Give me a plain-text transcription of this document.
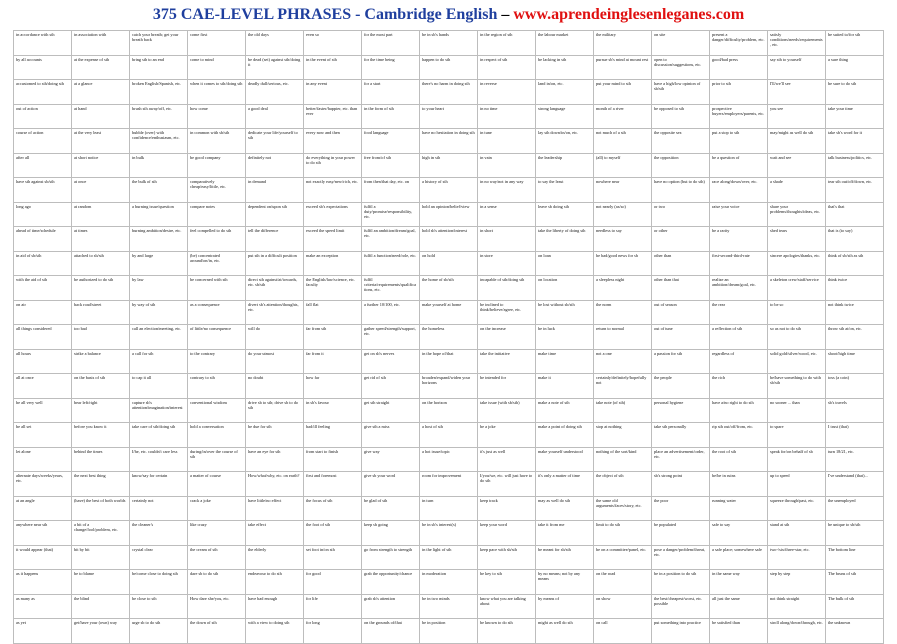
375 CAE-LEVEL PHRASES - Cambridge English – www.aprendeinglesenleganes.com
in accordance with sth	in association with	catch your breath; get your breath back	come first	the old days	even so	for the most part	be in sb's hands	in the region of sth	the labour market	the military	on site	present a danger/difficulty/problem, etc.	satisfy conditions/needs/requirements, etc.	be suited to/for sth
by all accounts	at the expense of sth	bring sth to an end	come to mind	be dead (set) against sth/doing it	in the event of sth	for the time being	happen to do sth	in respect of sth	be lacking in sth	pursue sb's mind at mount rest	open to discussion/suggestions, etc.	good/bad press	say sth to yourself	a sure thing
accustomed to sth/doing sth	at a glance	broken English/Spanish, etc.	when it comes to sth/doing sth	deadly dull/serious, etc.	in any event	for a start	there's no harm in doing sth	in reverse	land in/on, etc.	put your mind to sth	have a high/low opinion of sb/sth	prior to sth	I'll/we'll see	be sure to do sth
out of action	at hand	brush sth away/off, etc.	how come	a good deal	better/faster/happier, etc. than ever	in the form of sth	to your heart	in no time	strong language	month of a river	be opposed to sth	prospective buyers/employers/parents, etc.	you see	take your time
course of action	at the very least	bubble (over) with confidence/enthusiasm, etc.	in common with sb/sth	dedicate your life/yourself to sth	every now and then	food language	have no hesitation in doing sth	in tune	lay sth down/in/on, etc.	not much of a sth	the opposite sex	put a stop to sth	may/might as well do sth	take sb's word for it
after all	at short notice	in bulk	be good company	definitely not	do everything in your power to do sth	free from/of sth	high in sth	in vain	the leadership	(all) to myself	the opposition	be a question of	wait and see	talk business/politics, etc.
have sth against sb/sth	at once	the bulk of sth	comparatively cheap/easy/little, etc.	in demand	not exactly easy/new/rich, etc.	from then/that day, etc. on	a history of sth	in no way/not in any way	to say the least	nowhere near	have no option (but to do sth)	race along/down/over, etc.	a shade	tear sth out/off/down, etc.
long ago	at random	a burning issue/question	compare notes	dependent on/upon sth	exceed sb's expectations	fulfil a duty/promise/responsibility, etc.	hold an opinion/belief/view	in a sense	leave sb doing sth	not nearly (as/so)	or two	raise your voice	share your problems/thoughts/ideas, etc.	that's that
ahead of time/schedule	at times	burning ambition/desire, etc.	feel compelled to do sth	tell the difference	exceed the speed limit	fulfil an ambition/dream/goal, etc.	hold sb's attention/interest	in short	take the liberty of doing sth	needless to say	or other	be a rarity	shed tears	that is (to say)
in aid of sb/sth	attached to sb/sth	by and large	(be) concentrated around/on/in, etc.	put sth in a difficult position	make an exception	fulfil a function/need/role, etc.	on hold	in store	on loan	be bad/good news for sb	other than	first-second-third-rate	sincere apologies/thanks, etc.	think of sb/sth as sth
with the aid of sth	be authorized to do sth	by law	be concerned with sth	direct sth against/at/towards, etc. sb/sth	the English/law/science, etc. faculty	fulfil criteria/requirements/qualifications, etc.	the home of sb/sth	incapable of sth/doing sth	on location	a sleepless night	other than that	realize an ambition/dream/goal, etc.	a skeleton crew/staff/service	think twice
on air	back road/street	by way of sth	as a consequence	divert sb's attention/thoughts, etc.	fall flat	a further 10/100, etc.	make yourself at home	be inclined to think/believe/agree, etc.	be lost without sb/sth	the norm	out of season	the rear	to be so	not think twice
all things considered	too bad	call an election/meeting, etc.	of little/no consequence	will do	far from sth	gather speed/strength/support, etc.	the homeless	on the increase	be in luck	return to normal	out of tune	a reflection of sth	so as not to do sth	throw sth at/on, etc.
all hours	strike a balance	a call for sth	to the contrary	do your utmost	far from it	get on sb's nerves	in the hope of/that	take the initiative	make time	not a one	a passion for sth	regardless of	solid gold/silver/wood, etc.	shoot/high time
all at once	on the basis of sth	to cap it all	contrary to sth	no doubt	how far	get rid of sth	broaden/expand/widen your horizons	be intended for	make it	certainly/definitely/hopefully not	the people	the rich	be/have something to do with sb/sth	toss (a coin)
be all very well	bear left/right	capture sb's attention/imagination/interest	conventional wisdom	drive sb to sth; drive sb to do sth	in sb's favour	get sth straight	on the horizon	take issue (with sb/sth)	make a note of sth	take note (of sth)	personal hygiene	have a/no right to do sth	no sooner ... than	sb's travels
be all set	before you know it	take care of sth/doing sth	hold a conversation	be due for sth	bad/ill feeling	give sth a miss	a host of sth	be a joke	make a point of doing sth	stop at nothing	take sth personally	rip sth out/off/from, etc.	to spare	I trust (that)
let alone	behind the times	I/he, etc. couldn't care less	during/in/over the course of sth	have an eye for sth	from start to finish	give way	a hot issue/topic	it's just as well	make yourself understood	nothing of the sort/kind	place an advertisement/order, etc.	the root of sth	speak for/on behalf of sb	turn 18/21, etc.
alternate days/weeks/years, etc.	the next best thing	know/say for certain	a matter of course	How/what/why, etc. on earth?	first and foremost	give sb your word	room for improvement	I/you/we, etc. will just have to do sth	it's only a matter of time	the object of sth	sb's strong point	be/be in ruins	up to speed	I've understand (that)...
at an angle	(have) the best of both worlds	certainly not	crack a joke	have little/no effect	the focus of sth	be glad of sth	in turn	keep track	may as well do sth	the same old arguments/faces/story, etc.	the poor	running water	squeeze through/past, etc.	the unemployed
anywhere near sth	a bit of a change/fool/problem, etc.	the cleaner's	like crazy	take effect	the foot of sth	keep sb going	be in sb's interest(s)	keep your word	take it from me	limit to do sth	be populated	safe to say	stand at sth	be unique to sb/sth
it would appear (that)	bit by bit	crystal clear	the cream of sth	the elderly	set foot in/on sth	go from strength to strength	in the light of sth	keep pace with sb/sth	be meant for sb/sth	be on a committee/panel, etc.	pose a danger/problem/threat, etc.	a safe place; somewhere safe	two-/six/three-star, etc.	The bottom line
as it happens	be to blame	be/come close to doing sth	dare sb to do sth	endeavour to do sth	for good	grab the opportunity/chance	in moderation	be key to sth	by no means; not by any means	on the road	be in a position to do sth	in the same way	step by step	The bruns of sth
as many as	the blind	be close to sth	How dare she/you, etc.	have bad enough	for life	grab sb's attention	be in two minds	know what you are talking about	by means of	on show	the best/cheapest/worst, etc. possible	all just the same	not think straight	The bulk of sth
as yet	get/have your (own) way	urge sb to do sth	the down of sth	with a view to doing sth	for long	on the grounds of/that	be in position	be known to do sth	might as well do sth	on call	put something into practice	be satisfied than	stroll along/down/through, etc.	the unknown
